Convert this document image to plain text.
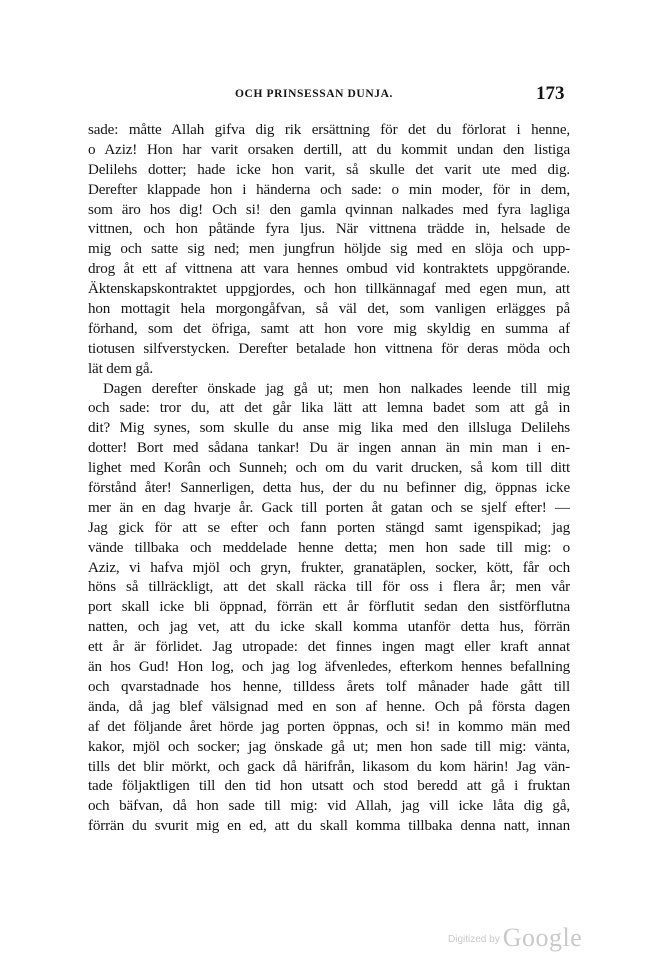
OCH PRINSESSAN DUNJA.	173
sade: måtte Allah gifva dig rik ersättning för det du förlorat i henne,
o Aziz! Hon har varit orsaken dertill, att du kommit undan den listiga
Delilehs dotter; hade icke hon varit, så skulle det varit ute med dig.
Derefter klappade hon i händerna och sade: o min moder, för in dem,
som äro hos dig! Och si! den gamla qvinnan nalkades med fyra lagliga
vittnen, och hon påtände fyra ljus. När vittnena trädde in, helsade de
mig och satte sig ned; men jungfrun höljde sig med en slöja och upp-
drog åt ett af vittnena att vara hennes ombud vid kontraktets uppgörande.
Äktenskapskontraktet uppgjordes, och hon tillkännagaf med egen mun, att
hon mottagit hela morgongåfvan, så väl det, som vanligen erlägges på
förhand, som det öfriga, samt att hon vore mig skyldig en summa af
tiotusen silfverstycken. Derefter betalade hon vittnena för deras möda och
lät dem gå.
Dagen derefter önskade jag gå ut; men hon nalkades leende till mig
och sade: tror du, att det går lika lätt att lemna badet som att gå in
dit? Mig synes, som skulle du anse mig lika med den illsluga Delilehs
dotter! Bort med sådana tankar! Du är ingen annan än min man i en-
lighet med Korân och Sunneh; och om du varit drucken, så kom till ditt
förstånd åter! Sannerligen, detta hus, der du nu befinner dig, öppnas icke
mer än en dag hvarje år. Gack till porten åt gatan och se sjelf efter! —
Jag gick för att se efter och fann porten stängd samt igenspikad; jag
vände tillbaka och meddelade henne detta; men hon sade till mig: o
Aziz, vi hafva mjöl och gryn, frukter, granatäplen, socker, kött, får och
höns så tillräckligt, att det skall räcka till för oss i flera år; men vår
port skall icke bli öppnad, förrän ett år förflutit sedan den sistförflutna
natten, och jag vet, att du icke skall komma utanför detta hus, förrän
ett år är förlidet. Jag utropade: det finnes ingen magt eller kraft annat
än hos Gud! Hon log, och jag log äfvenledes, efterkom hennes befallning
och qvarstadnade hos henne, tilldess årets tolf månader hade gått till
ända, då jag blef välsignad med en son af henne. Och på första dagen
af det följande året hörde jag porten öppnas, och si! in kommo män med
kakor, mjöl och socker; jag önskade gå ut; men hon sade till mig: vänta,
tills det blir mörkt, och gack då härifrån, likasom du kom härin! Jag vän-
tade följaktligen till den tid hon utsatt och stod beredd att gå i fruktan
och bäfvan, då hon sade till mig: vid Allah, jag vill icke låta dig gå,
förrän du svurit mig en ed, att du skall komma tillbaka denna natt, innan
$^{Digitized by}$ Google
